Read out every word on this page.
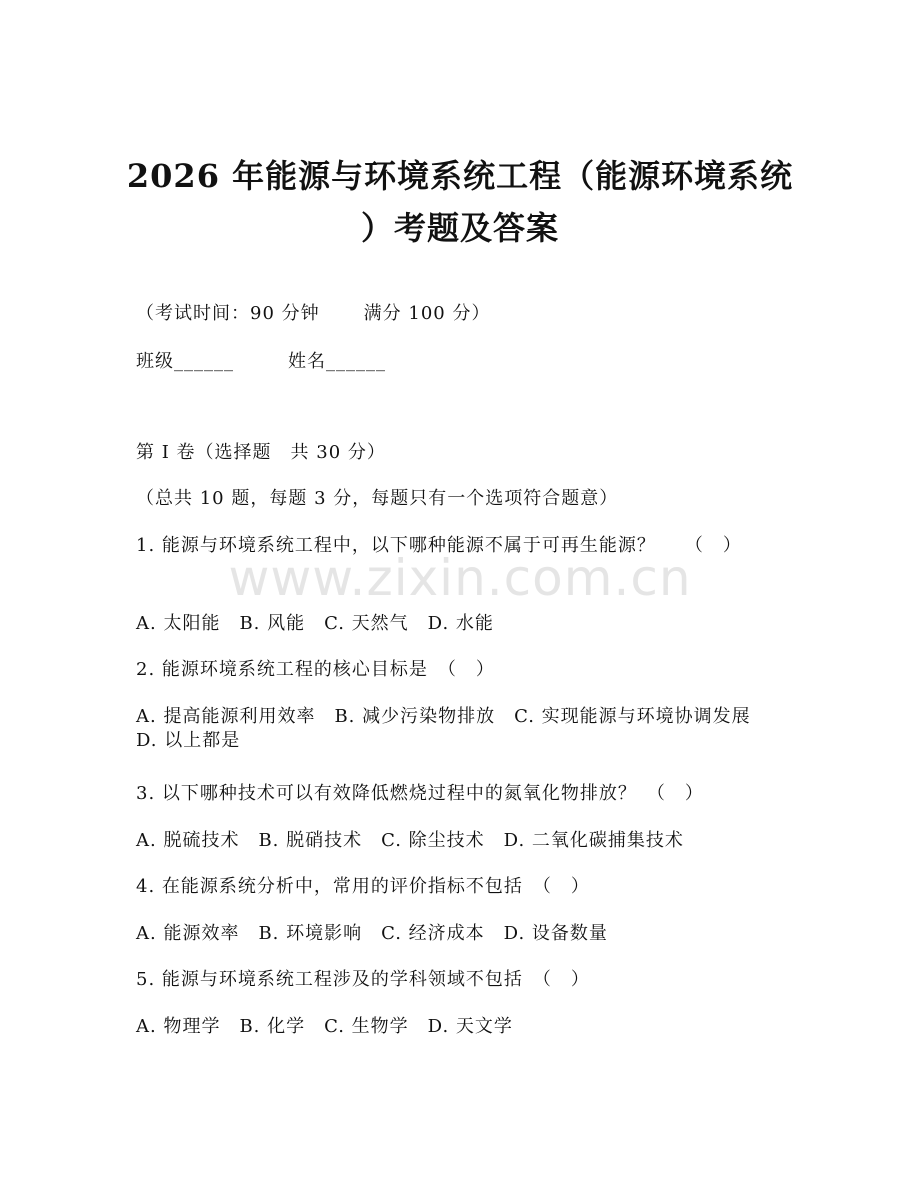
2026 年能源与环境系统工程（能源环境系统
）考题及答案
（考试时间：90 分钟 满分 100 分）
班级______	姓名______
第 I 卷（选择题　共 30 分）
（总共 10 题，每题 3 分，每题只有一个选项符合题意）
1. 能源与环境系统工程中，以下哪种能源不属于可再生能源？　　（　）
A. 太阳能　B. 风能　C. 天然气　D. 水能
2. 能源环境系统工程的核心目标是　（　）
A. 提高能源利用效率　B. 减少污染物排放　C. 实现能源与环境协调发展　D. 以上都是
3. 以下哪种技术可以有效降低燃烧过程中的氮氧化物排放？　（　）
A. 脱硫技术　B. 脱硝技术　C. 除尘技术　D. 二氧化碳捕集技术
4. 在能源系统分析中，常用的评价指标不包括　（　）
A. 能源效率　B. 环境影响　C. 经济成本　D. 设备数量
5. 能源与环境系统工程涉及的学科领域不包括　（　）
A. 物理学　B. 化学　C. 生物学　D. 天文学
www.zixin.com.cn
